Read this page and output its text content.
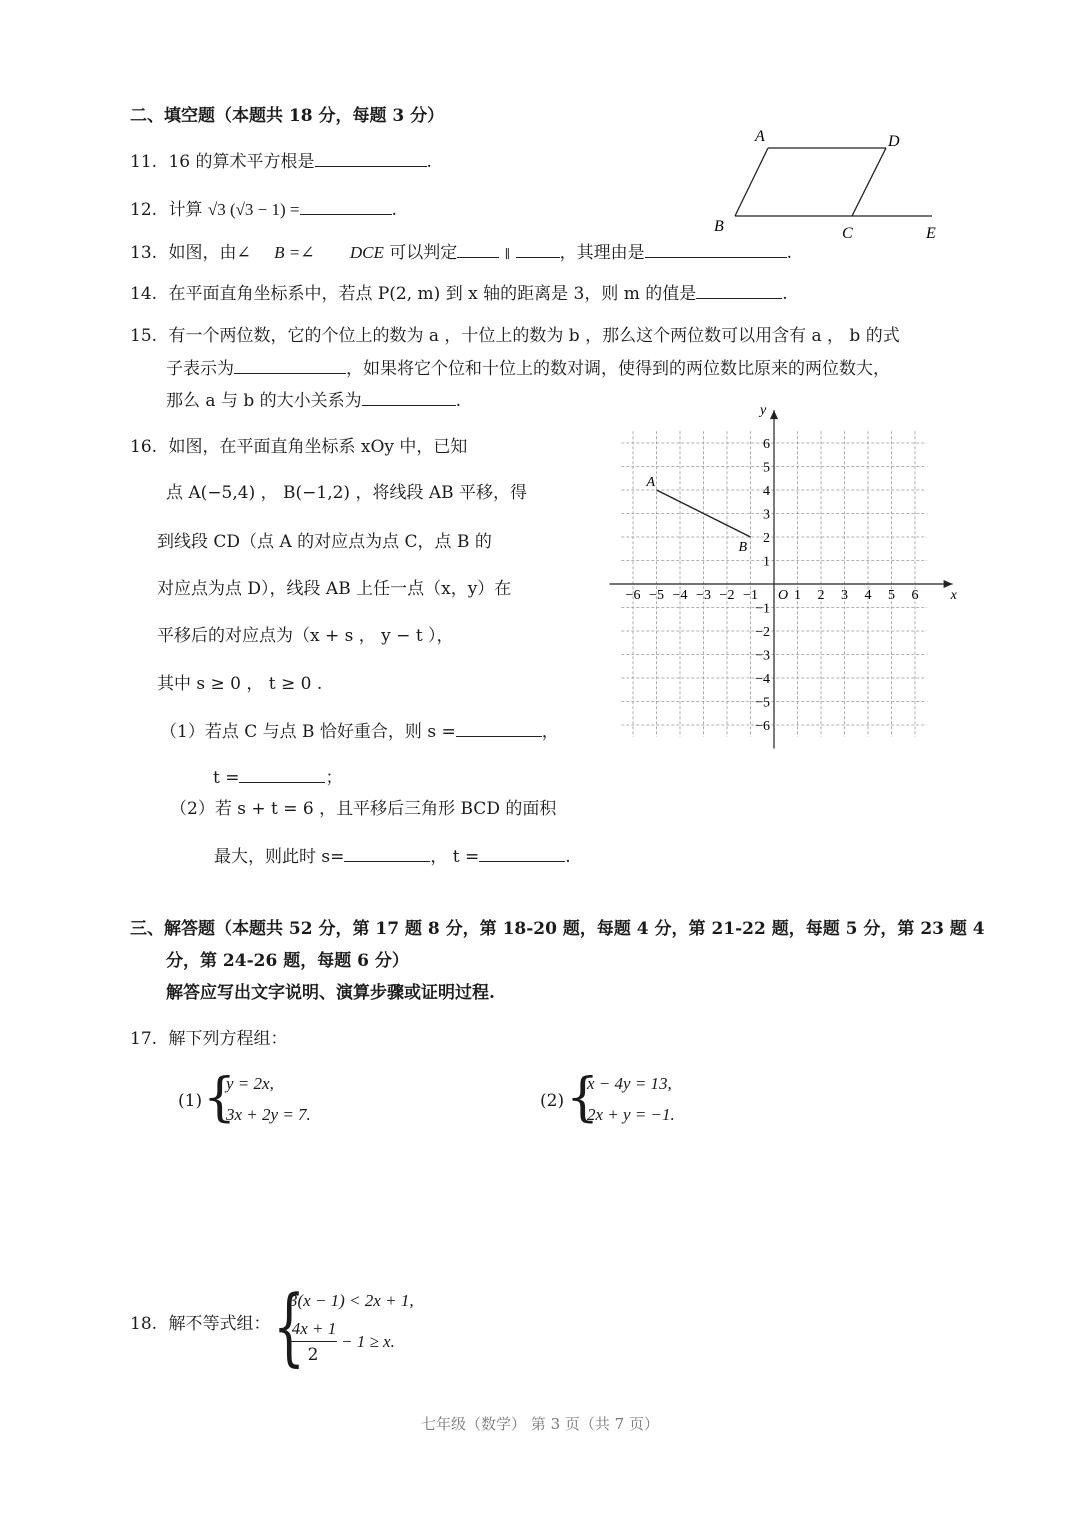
二、填空题（本题共 18 分，每题 3 分）
11. 16 的算术平方根是	.
12. 计算 √3 (√3 − 1) =	.
13. 如图，由∠ B =∠ DCE 可以判定	∥	，其理由是	.
A	D
B	C	E
14. 在平面直角坐标系中，若点 P(2, m) 到 x 轴的距离是 3，则 m 的值是	.
15. 有一个两位数，它的个位上的数为 a ，十位上的数为 b ，那么这个两位数可以用含有 a ， b 的式
子表示为	，如果将它个位和十位上的数对调，使得到的两位数比原来的两位数大，
那么 a 与 b 的大小关系为	.
16. 如图，在平面直角坐标系 xOy 中，已知
点 A(−5,4) ， B(−1,2) ，将线段 AB 平移，得
到线段 CD（点 A 的对应点为点 C，点 B 的
对应点为点 D），线段 AB 上任一点（x，y）在
平移后的对应点为（x + s ， y − t ），
其中 s ≥ 0 ， t ≥ 0 .
（1）若点 C 与点 B 恰好重合，则 s =	，
t =	；
（2）若 s + t = 6 ，且平移后三角形 BCD 的面积
最大，则此时 s=	， t =	.
x
y
O
−6 −5 −4 −3 −2 −1	1 2 3 4 5 6
6
5
4
3
2
1
−1
−2
−3
−4
−5
−6
A
B
三、解答题（本题共 52 分，第 17 题 8 分，第 18-20 题，每题 4 分，第 21-22 题，每题 5 分，第 23 题 4
分，第 24-26 题，每题 6 分）
解答应写出文字说明、演算步骤或证明过程.
17. 解下列方程组：
(1) {
y = 2x,
3x + 2y = 7.
(2) {
x − 4y = 13,
2x + y = −1.
18. 解不等式组： {
3(x − 1) < 2x + 1,
4x + 1
2
− 1 ≥ x.
七年级（数学） 第 3 页（共 7 页）
